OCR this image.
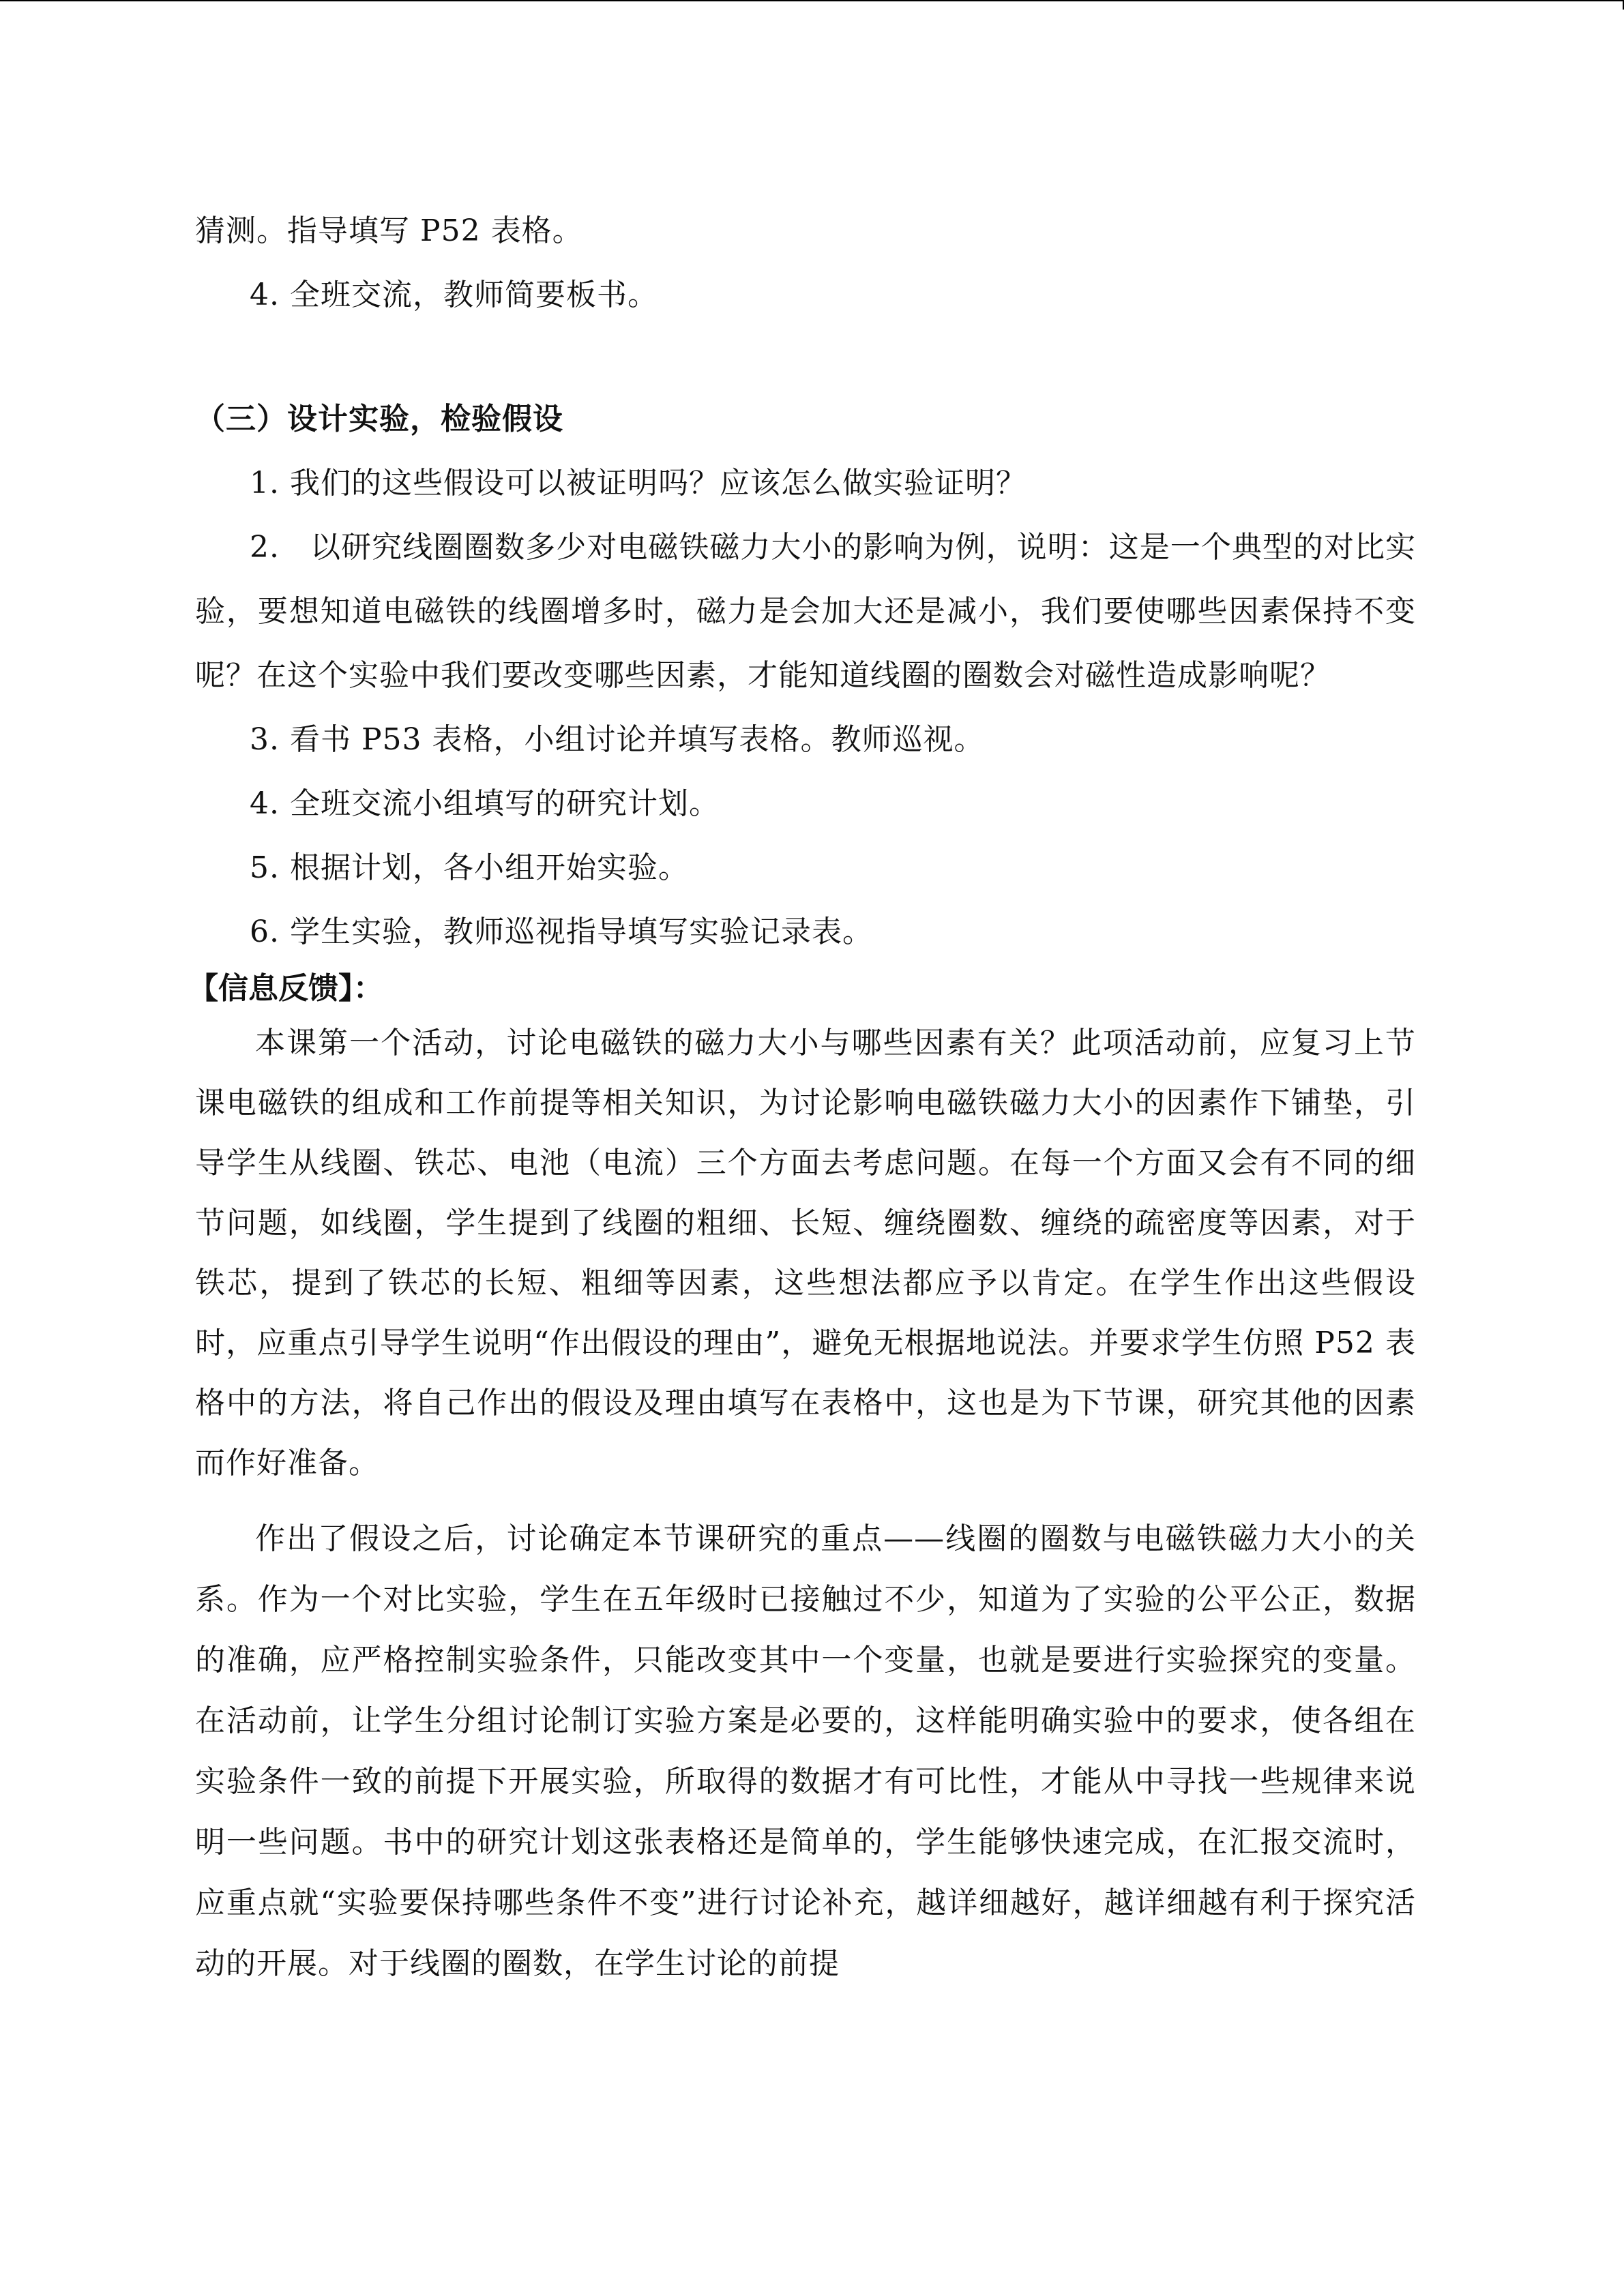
猜测。指导填写 P52 表格。
4. 全班交流，教师简要板书。
（三）设计实验，检验假设
1. 我们的这些假设可以被证明吗？应该怎么做实验证明？
2.　以研究线圈圈数多少对电磁铁磁力大小的影响为例，说明：这是一个典型的对比实验，要想知道电磁铁的线圈增多时，磁力是会加大还是减小，我们要使哪些因素保持不变呢？在这个实验中我们要改变哪些因素，才能知道线圈的圈数会对磁性造成影响呢？
3. 看书 P53 表格，小组讨论并填写表格。教师巡视。
4. 全班交流小组填写的研究计划。
5. 根据计划，各小组开始实验。
6. 学生实验，教师巡视指导填写实验记录表。
【信息反馈】：
本课第一个活动，讨论电磁铁的磁力大小与哪些因素有关？此项活动前，应复习上节课电磁铁的组成和工作前提等相关知识，为讨论影响电磁铁磁力大小的因素作下铺垫，引导学生从线圈、铁芯、电池（电流）三个方面去考虑问题。在每一个方面又会有不同的细节问题，如线圈，学生提到了线圈的粗细、长短、缠绕圈数、缠绕的疏密度等因素，对于铁芯，提到了铁芯的长短、粗细等因素，这些想法都应予以肯定。在学生作出这些假设时，应重点引导学生说明“作出假设的理由”，避免无根据地说法。并要求学生仿照 P52 表格中的方法，将自己作出的假设及理由填写在表格中，这也是为下节课，研究其他的因素而作好准备。
作出了假设之后，讨论确定本节课研究的重点——线圈的圈数与电磁铁磁力大小的关系。作为一个对比实验，学生在五年级时已接触过不少，知道为了实验的公平公正，数据的准确，应严格控制实验条件，只能改变其中一个变量，也就是要进行实验探究的变量。在活动前，让学生分组讨论制订实验方案是必要的，这样能明确实验中的要求，使各组在实验条件一致的前提下开展实验，所取得的数据才有可比性，才能从中寻找一些规律来说明一些问题。书中的研究计划这张表格还是简单的，学生能够快速完成，在汇报交流时，应重点就“实验要保持哪些条件不变”进行讨论补充，越详细越好，越详细越有利于探究活动的开展。对于线圈的圈数，在学生讨论的前提
